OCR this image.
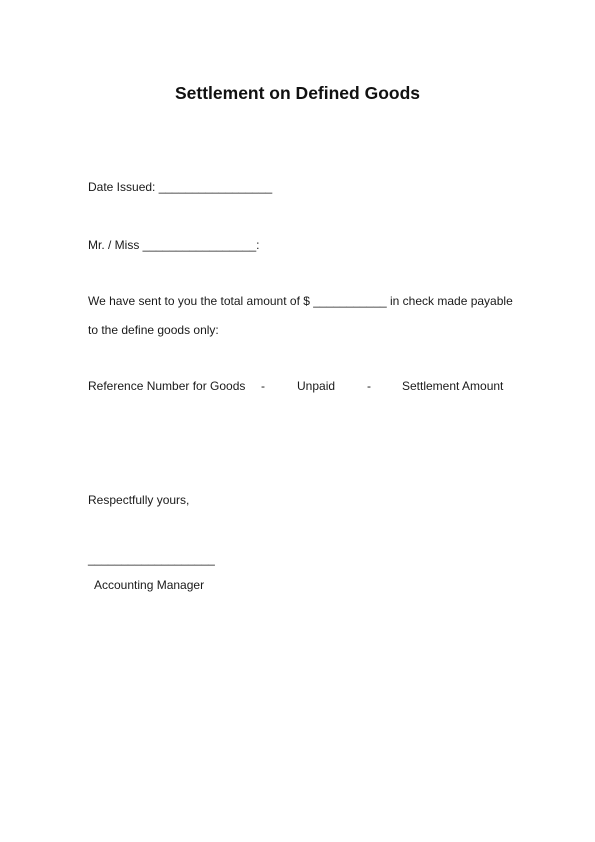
Settlement on Defined Goods
Date Issued: _________________
Mr. / Miss _________________:
We have sent to you the total amount of $ ___________ in check made payable
to the define goods only:
Reference Number for Goods -	Unpaid	-	Settlement Amount
Respectfully yours,
___________________
Accounting Manager
